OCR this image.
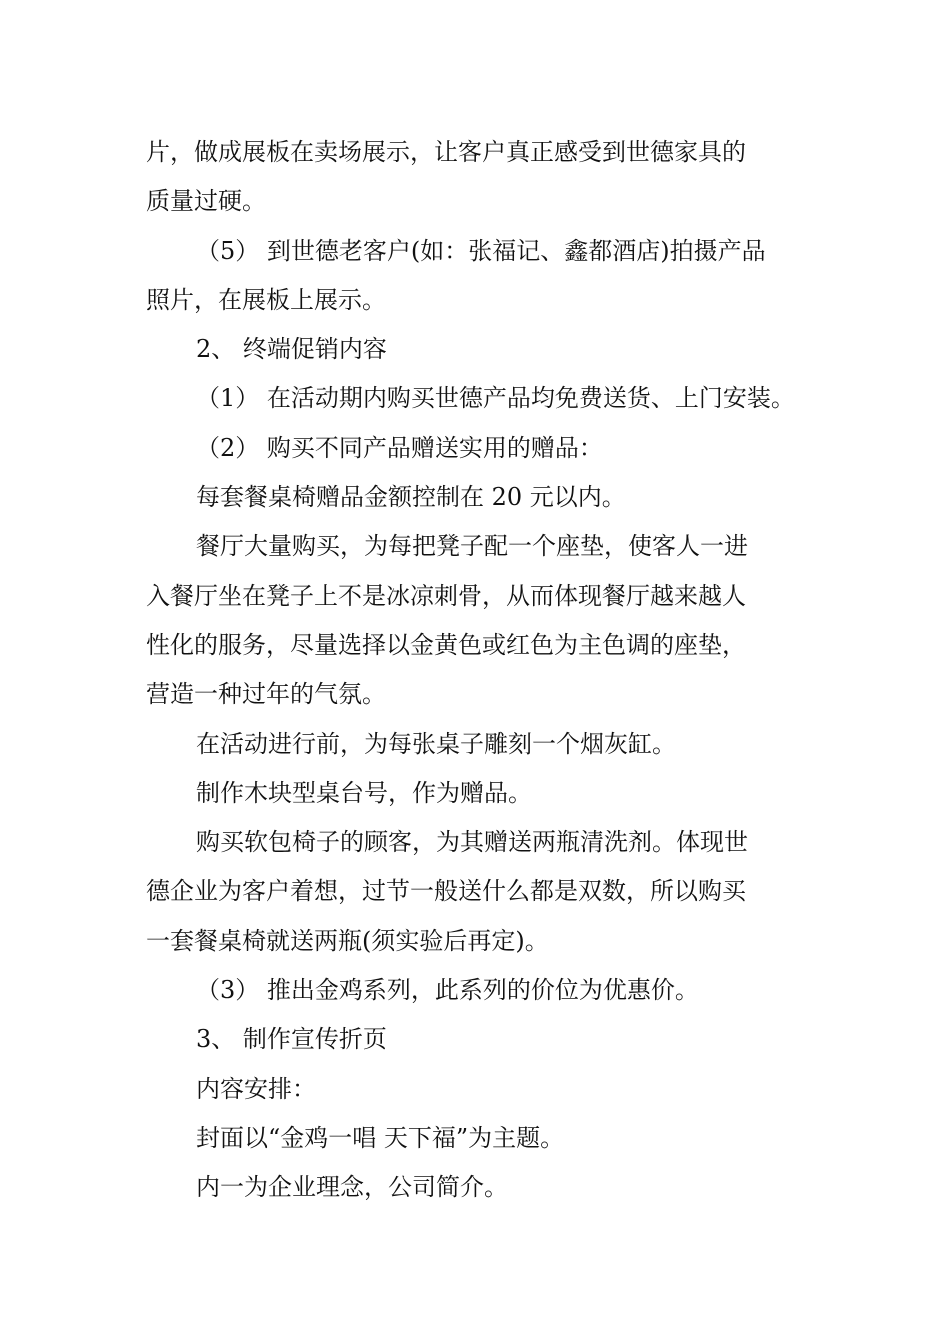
片，做成展板在卖场展示，让客户真正感受到世德家具的
质量过硬。

（5） 到世德老客户(如：张福记、鑫都酒店)拍摄产品
照片，在展板上展示。

2、 终端促销内容

（1） 在活动期内购买世德产品均免费送货、上门安装。

（2） 购买不同产品赠送实用的赠品：

每套餐桌椅赠品金额控制在 20 元以内。

餐厅大量购买，为每把凳子配一个座垫，使客人一进
入餐厅坐在凳子上不是冰凉刺骨，从而体现餐厅越来越人
性化的服务，尽量选择以金黄色或红色为主色调的座垫，
营造一种过年的气氛。

在活动进行前，为每张桌子雕刻一个烟灰缸。

制作木块型桌台号，作为赠品。

购买软包椅子的顾客，为其赠送两瓶清洗剂。体现世
德企业为客户着想，过节一般送什么都是双数，所以购买
一套餐桌椅就送两瓶(须实验后再定)。

（3） 推出金鸡系列，此系列的价位为优惠价。

3、 制作宣传折页

内容安排：

封面以“金鸡一唱 天下福”为主题。

内一为企业理念，公司简介。
